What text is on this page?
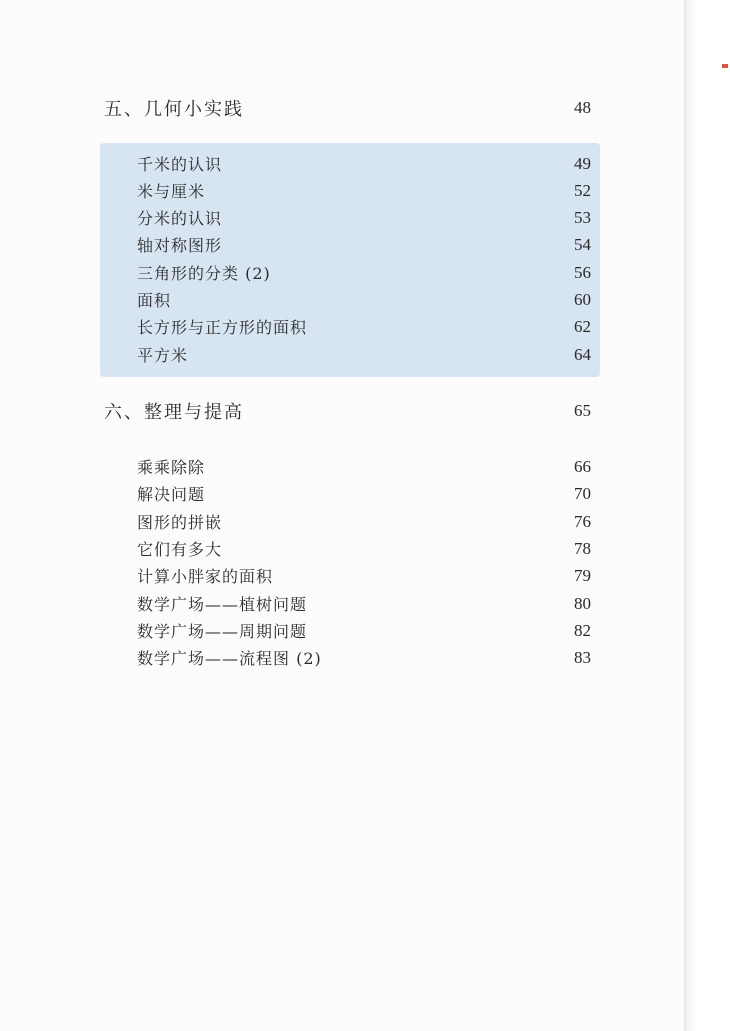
五、几何小实践	48
千米的认识	49
米与厘米	52
分米的认识	53
轴对称图形	54
三角形的分类 (2)	56
面积	60
长方形与正方形的面积	62
平方米	64
六、整理与提高	65
乘乘除除	66
解决问题	70
图形的拼嵌	76
它们有多大	78
计算小胖家的面积	79
数学广场——植树问题	80
数学广场——周期问题	82
数学广场——流程图 (2)	83
